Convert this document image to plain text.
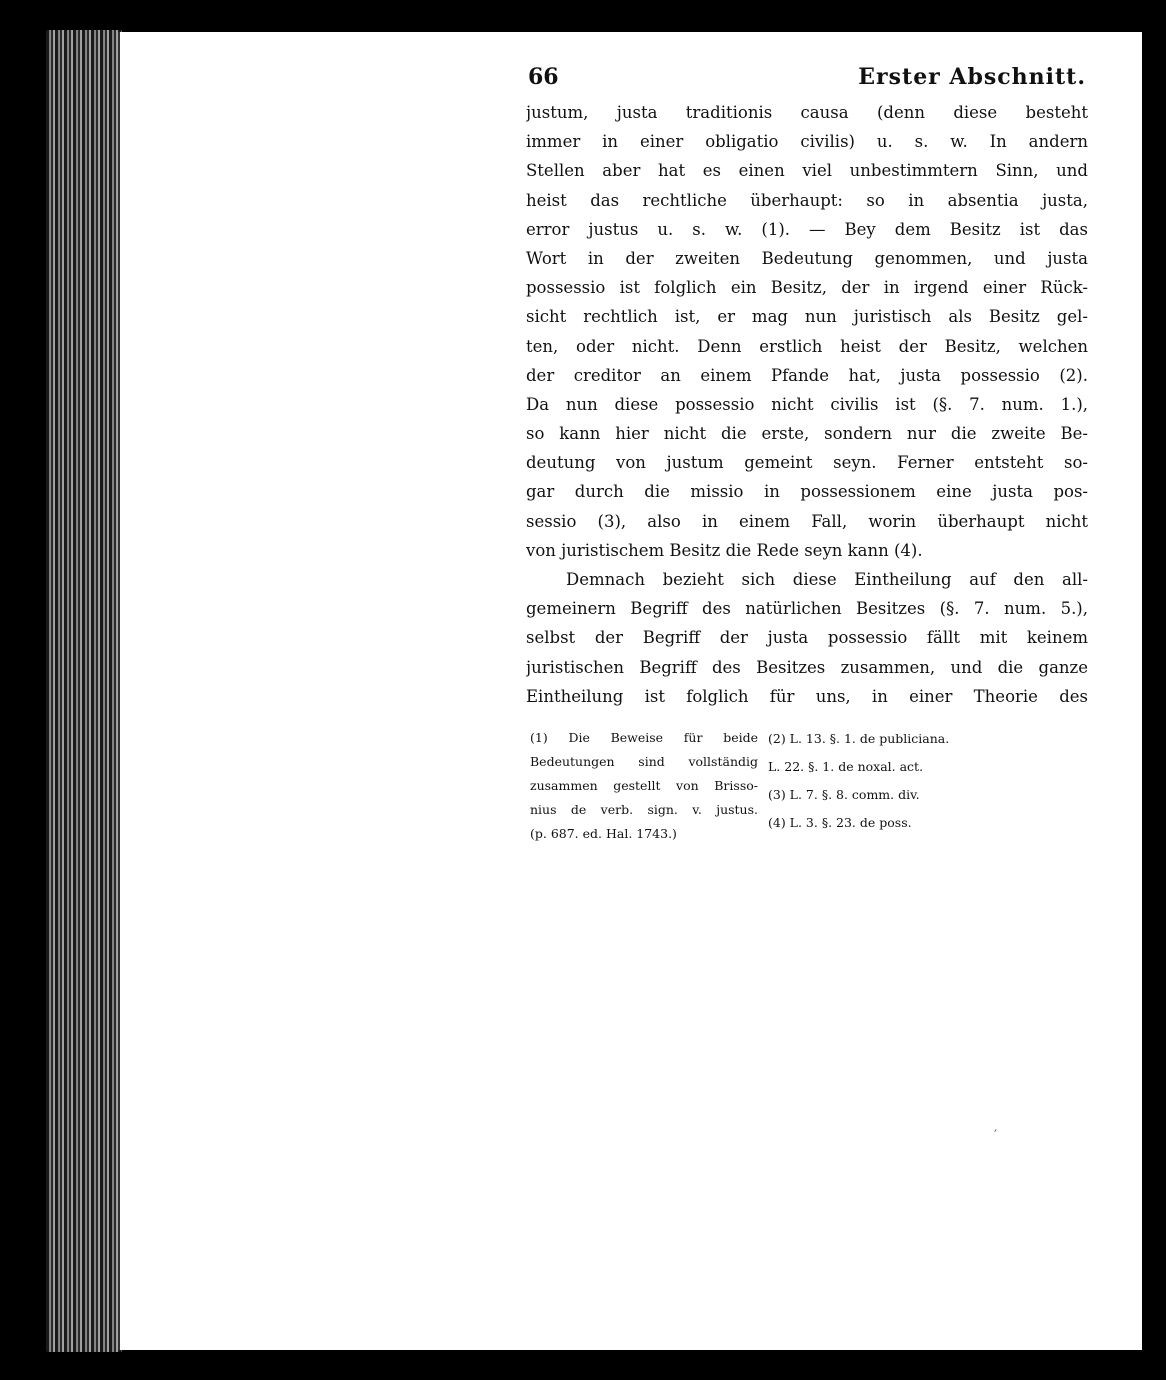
66	Erster Abschnitt.
justum, justa traditionis causa (denn diese besteht
immer in einer obligatio civilis) u. s. w. In andern
Stellen aber hat es einen viel unbestimmtern Sinn, und
heist das rechtliche überhaupt: so in absentia justa,
error justus u. s. w. (1). — Bey dem Besitz ist das
Wort in der zweiten Bedeutung genommen, und justa
possessio ist folglich ein Besitz, der in irgend einer Rück-
sicht rechtlich ist, er mag nun juristisch als Besitz gel-
ten, oder nicht. Denn erstlich heist der Besitz, welchen
der creditor an einem Pfande hat, justa possessio (2).
Da nun diese possessio nicht civilis ist (§. 7. num. 1.),
so kann hier nicht die erste, sondern nur die zweite Be-
deutung von justum gemeint seyn. Ferner entsteht so-
gar durch die missio in possessionem eine justa pos-
sessio (3), also in einem Fall, worin überhaupt nicht
von juristischem Besitz die Rede seyn kann (4).
Demnach bezieht sich diese Eintheilung auf den all-
gemeinern Begriff des natürlichen Besitzes (§. 7. num. 5.),
selbst der Begriff der justa possessio fällt mit keinem
juristischen Begriff des Besitzes zusammen, und die ganze
Eintheilung ist folglich für uns, in einer Theorie des
(1) Die Beweise für beide
Bedeutungen sind vollständig
zusammen gestellt von Brisso-
nius de verb. sign. v. justus.
(p. 687. ed. Hal. 1743.)
(2) L. 13. §. 1. de publiciana.
L. 22. §. 1. de noxal. act.
(3) L. 7. §. 8. comm. div.
(4) L. 3. §. 23. de poss.
′
